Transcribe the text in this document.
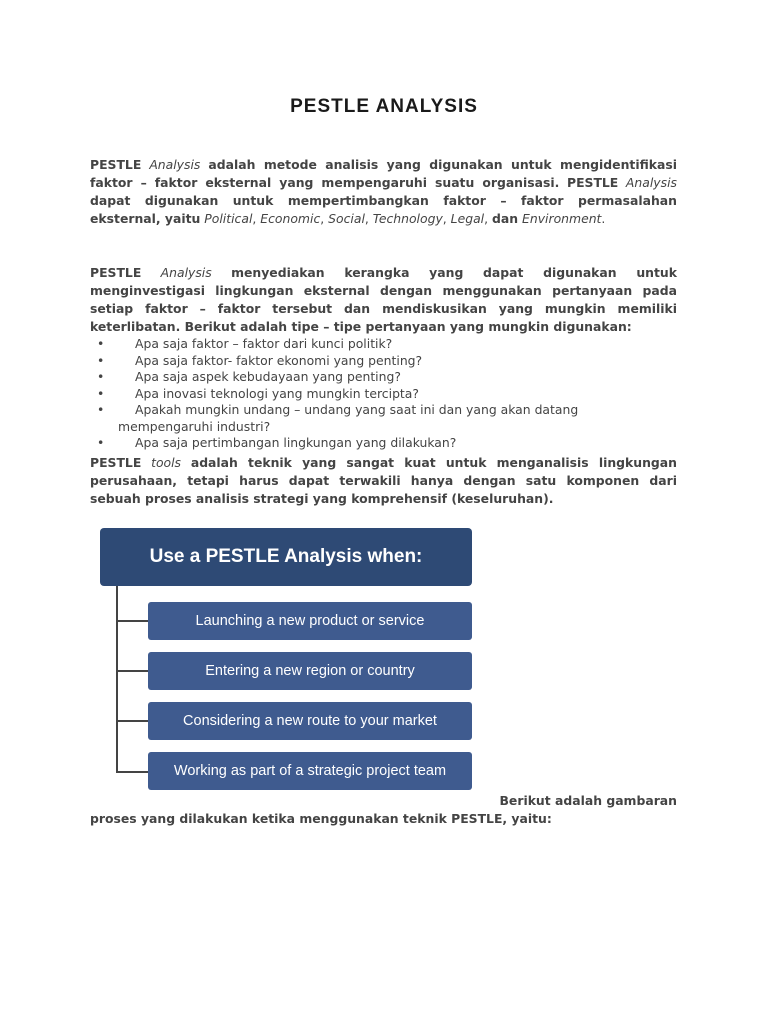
PESTLE ANALYSIS
PESTLE Analysis adalah metode analisis yang digunakan untuk mengidentifikasi faktor – faktor eksternal yang mempengaruhi suatu organisasi. PESTLE Analysis dapat digunakan untuk mempertimbangkan faktor – faktor permasalahan eksternal, yaitu Political, Economic, Social, Technology, Legal, dan Environment.
PESTLE Analysis menyediakan kerangka yang dapat digunakan untuk menginvestigasi lingkungan eksternal dengan menggunakan pertanyaan pada setiap faktor – faktor tersebut dan mendiskusikan yang mungkin memiliki keterlibatan. Berikut adalah tipe – tipe pertanyaan yang mungkin digunakan:
• Apa saja faktor – faktor dari kunci politik?
• Apa saja faktor- faktor ekonomi yang penting?
• Apa saja aspek kebudayaan yang penting?
• Apa inovasi teknologi yang mungkin tercipta?
• Apakah mungkin undang – undang yang saat ini dan yang akan datang
mempengaruhi industri?
• Apa saja pertimbangan lingkungan yang dilakukan?
PESTLE tools adalah teknik yang sangat kuat untuk menganalisis lingkungan perusahaan, tetapi harus dapat terwakili hanya dengan satu komponen dari sebuah proses analisis strategi yang komprehensif (keseluruhan).
Use a PESTLE Analysis when:
Launching a new product or service
Entering a new region or country
Considering a new route to your market
Working as part of a strategic project team
Berikut adalah gambaran
proses yang dilakukan ketika menggunakan teknik PESTLE, yaitu:
